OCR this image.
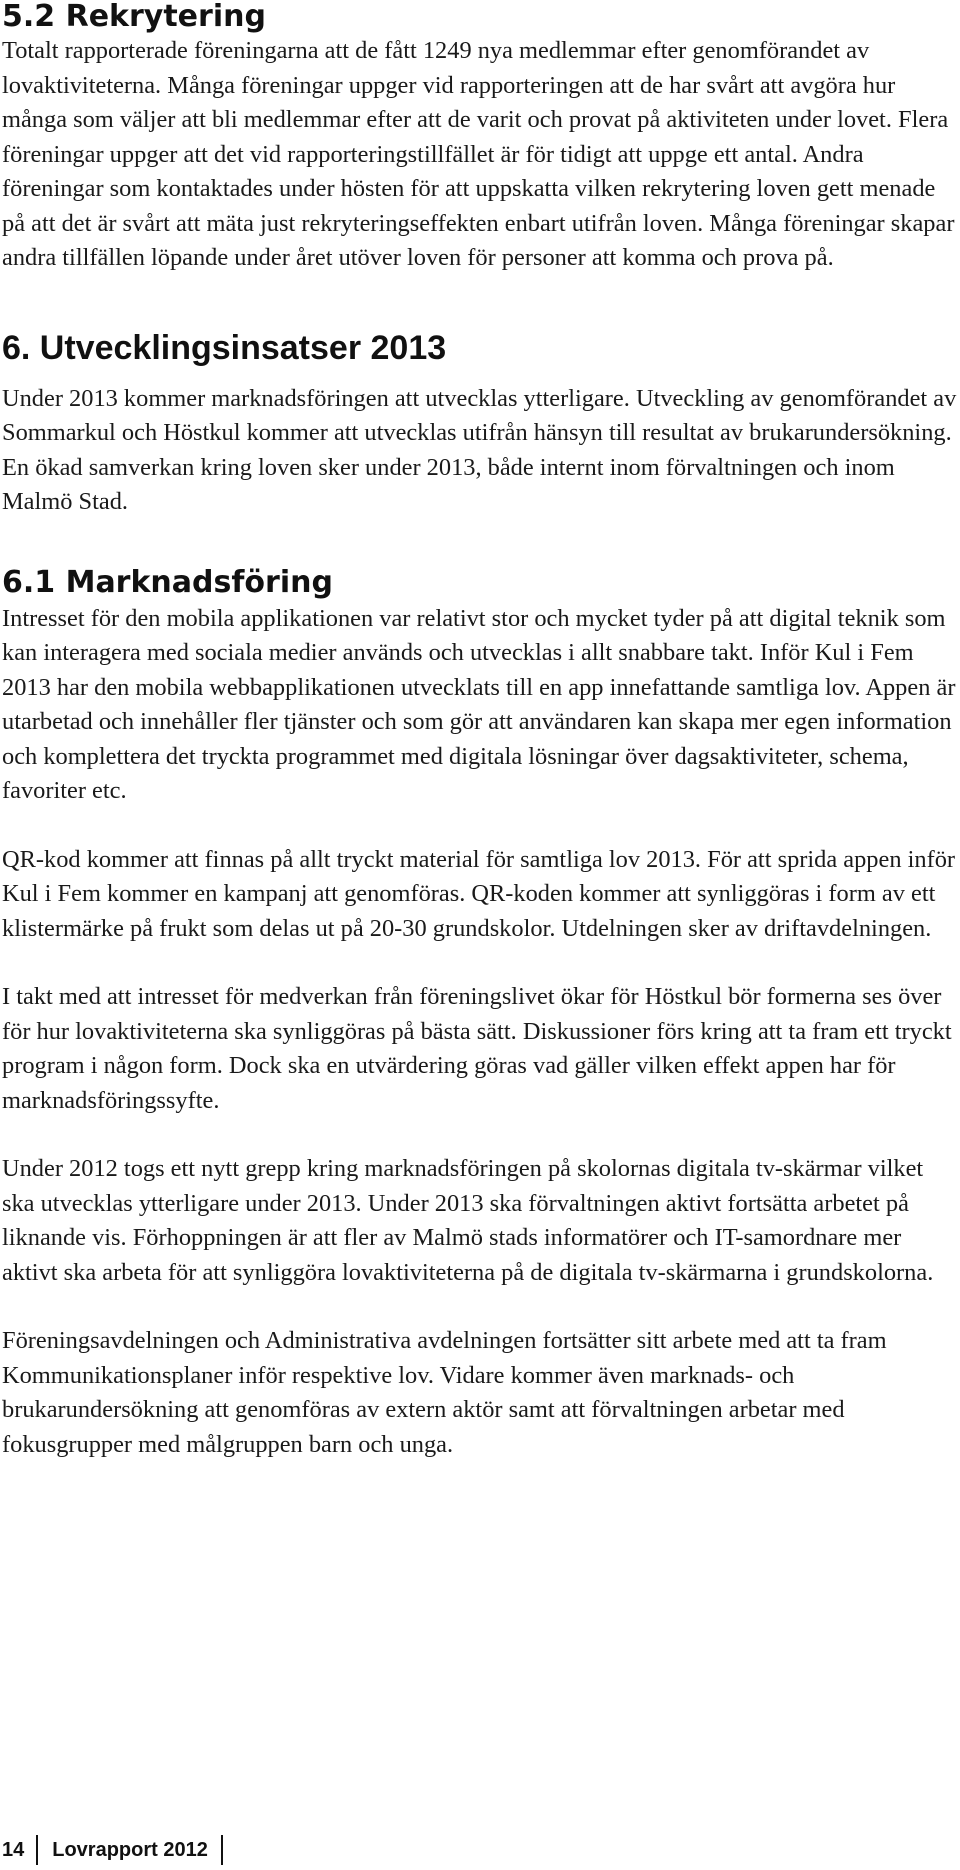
5.2 Rekrytering

Totalt rapporterade föreningarna att de fått 1249 nya medlemmar efter genomförandet av lovaktiviteterna. Många föreningar uppger vid rapporteringen att de har svårt att avgöra hur många som väljer att bli medlemmar efter att de varit och provat på aktiviteten under lovet. Flera föreningar uppger att det vid rapporteringstillfället är för tidigt att uppge ett antal. Andra föreningar som kontaktades under hösten för att uppskatta vilken rekrytering loven gett menade på att det är svårt att mäta just rekryteringseffekten enbart utifrån loven. Många föreningar skapar andra tillfällen löpande under året utöver loven för personer att komma och prova på.

6. Utvecklingsinsatser 2013

Under 2013 kommer marknadsföringen att utvecklas ytterligare. Utveckling av genomförandet av Sommarkul och Höstkul kommer att utvecklas utifrån hänsyn till resultat av brukarundersökning. En ökad samverkan kring loven sker under 2013, både internt inom förvaltningen och inom Malmö Stad.

6.1 Marknadsföring

Intresset för den mobila applikationen var relativt stor och mycket tyder på att digital teknik som kan interagera med sociala medier används och utvecklas i allt snabbare takt. Inför Kul i Fem 2013 har den mobila webbapplikationen utvecklats till en app innefattande samtliga lov. Appen är utarbetad och innehåller fler tjänster och som gör att användaren kan skapa mer egen information och komplettera det tryckta programmet med digitala lösningar över dagsaktiviteter, schema, favoriter etc.

QR-kod kommer att finnas på allt tryckt material för samtliga lov 2013. För att sprida appen inför Kul i Fem kommer en kampanj att genomföras. QR-koden kommer att synliggöras i form av ett klistermärke på frukt som delas ut på 20-30 grundskolor. Utdelningen sker av driftavdelningen.

I takt med att intresset för medverkan från föreningslivet ökar för Höstkul bör formerna ses över för hur lovaktiviteterna ska synliggöras på bästa sätt. Diskussioner förs kring att ta fram ett tryckt program i någon form. Dock ska en utvärdering göras vad gäller vilken effekt appen har för marknadsföringssyfte.

Under 2012 togs ett nytt grepp kring marknadsföringen på skolornas digitala tv-skärmar vilket ska utvecklas ytterligare under 2013. Under 2013 ska förvaltningen aktivt fortsätta arbetet på liknande vis. Förhoppningen är att fler av Malmö stads informatörer och IT-samordnare mer aktivt ska arbeta för att synliggöra lovaktiviteterna på de digitala tv-skärmarna i grundskolorna.

Föreningsavdelningen och Administrativa avdelningen fortsätter sitt arbete med att ta fram Kommunikationsplaner inför respektive lov. Vidare kommer även marknads- och brukarundersökning att genomföras av extern aktör samt att förvaltningen arbetar med fokusgrupper med målgruppen barn och unga.

14 Lovrapport 2012
